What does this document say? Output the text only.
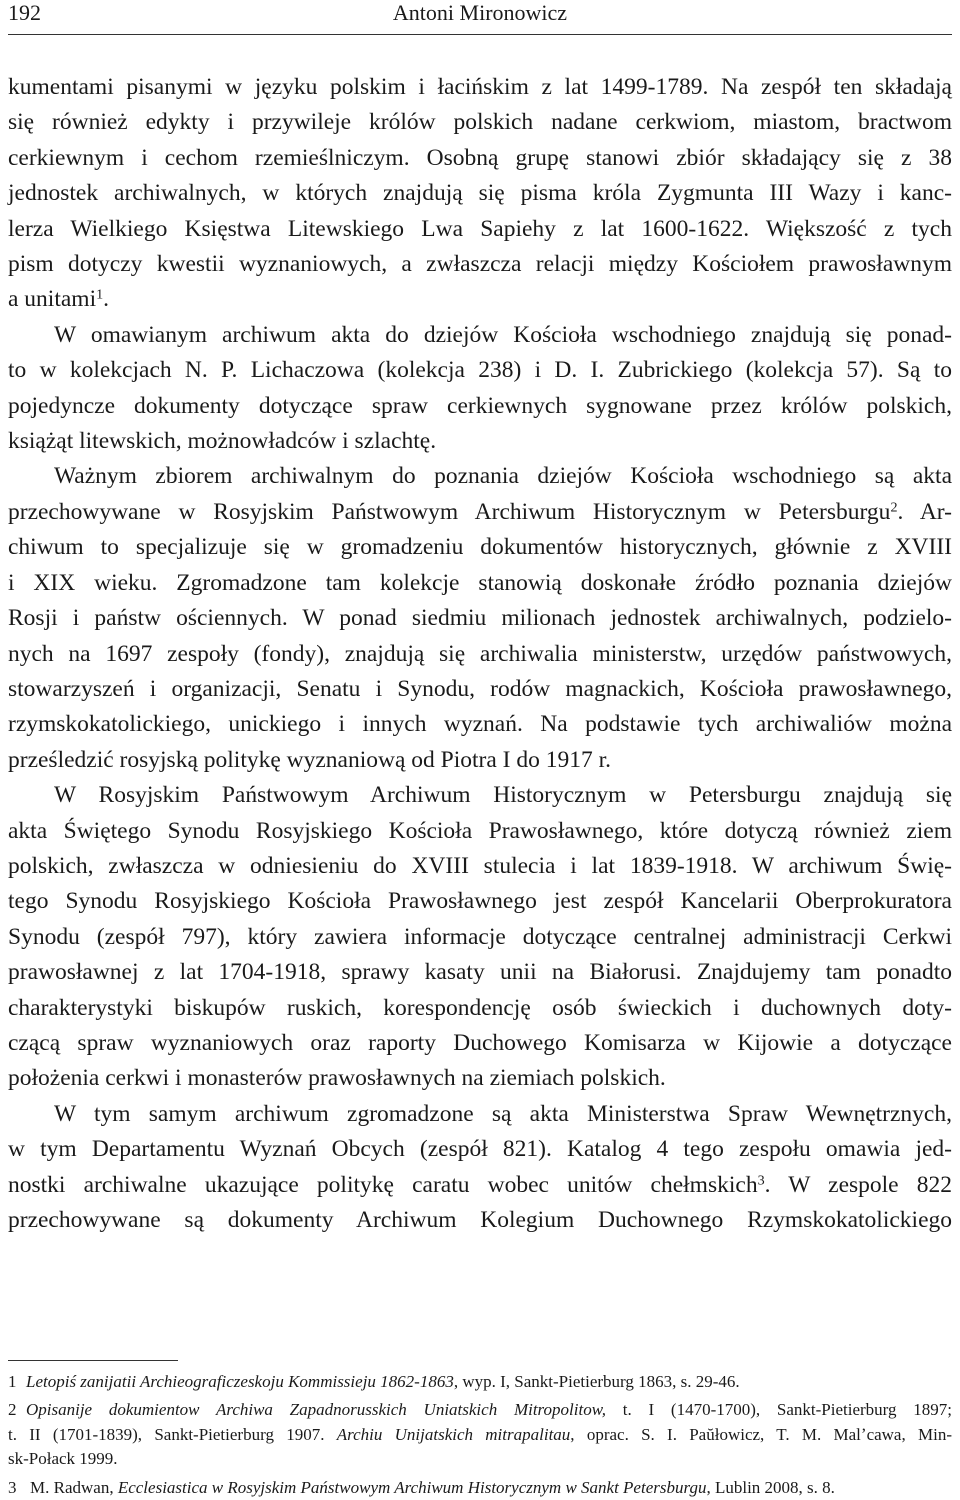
192	Antoni Mironowicz

kumentami pisanymi w języku polskim i łacińskim z lat 1499-1789. Na zespół ten składają
się również edykty i przywileje królów polskich nadane cerkwiom, miastom, bractwom
cerkiewnym i cechom rzemieślniczym. Osobną grupę stanowi zbiór składający się z 38
jednostek archiwalnych, w których znajdują się pisma króla Zygmunta III Wazy i kanc-
lerza Wielkiego Księstwa Litewskiego Lwa Sapiehy z lat 1600-1622. Większość z tych
pism dotyczy kwestii wyznaniowych, a zwłaszcza relacji między Kościołem prawosławnym
a unitami$^1$.

W omawianym archiwum akta do dziejów Kościoła wschodniego znajdują się ponad-
to w kolekcjach N. P. Lichaczowa (kolekcja 238) i D. I. Zubrickiego (kolekcja 57). Są to
pojedyncze dokumenty dotyczące spraw cerkiewnych sygnowane przez królów polskich,
książąt litewskich, możnowładców i szlachtę.

Ważnym zbiorem archiwalnym do poznania dziejów Kościoła wschodniego są akta
przechowywane w Rosyjskim Państwowym Archiwum Historycznym w Petersburgu$^2$. Ar-
chiwum to specjalizuje się w gromadzeniu dokumentów historycznych, głównie z XVIII
i XIX wieku. Zgromadzone tam kolekcje stanowią doskonałe źródło poznania dziejów
Rosji i państw ościennych. W ponad siedmiu milionach jednostek archiwalnych, podzielo-
nych na 1697 zespoły (fondy), znajdują się archiwalia ministerstw, urzędów państwowych,
stowarzyszeń i organizacji, Senatu i Synodu, rodów magnackich, Kościoła prawosławnego,
rzymskokatolickiego, unickiego i innych wyznań. Na podstawie tych archiwaliów można
prześledzić rosyjską politykę wyznaniową od Piotra I do 1917 r.

W Rosyjskim Państwowym Archiwum Historycznym w Petersburgu znajdują się
akta Świętego Synodu Rosyjskiego Kościoła Prawosławnego, które dotyczą również ziem
polskich, zwłaszcza w odniesieniu do XVIII stulecia i lat 1839-1918. W archiwum Świę-
tego Synodu Rosyjskiego Kościoła Prawosławnego jest zespół Kancelarii Oberprokuratora
Synodu (zespół 797), który zawiera informacje dotyczące centralnej administracji Cerkwi
prawosławnej z lat 1704-1918, sprawy kasaty unii na Białorusi. Znajdujemy tam ponadto
charakterystyki biskupów ruskich, korespondencję osób świeckich i duchownych doty-
czącą spraw wyznaniowych oraz raporty Duchowego Komisarza w Kijowie a dotyczące
położenia cerkwi i monasterów prawosławnych na ziemiach polskich.

W tym samym archiwum zgromadzone są akta Ministerstwa Spraw Wewnętrznych,
w tym Departamentu Wyznań Obcych (zespół 821). Katalog 4 tego zespołu omawia jed-
nostki archiwalne ukazujące politykę caratu wobec unitów chełmskich$^3$. W zespole 822
przechowywane są dokumenty Archiwum Kolegium Duchownego Rzymskokatolickiego

1 Letopiś zanijatii Archieograficzeskoju Kommissieju 1862-1863, wyp. I, Sankt-Pietierburg 1863, s. 29-46.
2 Opisanije dokumientow Archiwa Zapadnorusskich Uniatskich Mitropolitow, t. I (1470-1700), Sankt-Pietierburg 1897;
t. II (1701-1839), Sankt-Pietierburg 1907. Archiu Unijatskich mitrapalitau, oprac. S. I. Paŭłowicz, T. M. Malʼcawa, Min-
sk-Połack 1999.
3 M. Radwan, Ecclesiastica w Rosyjskim Państwowym Archiwum Historycznym w Sankt Petersburgu, Lublin 2008, s. 8.
